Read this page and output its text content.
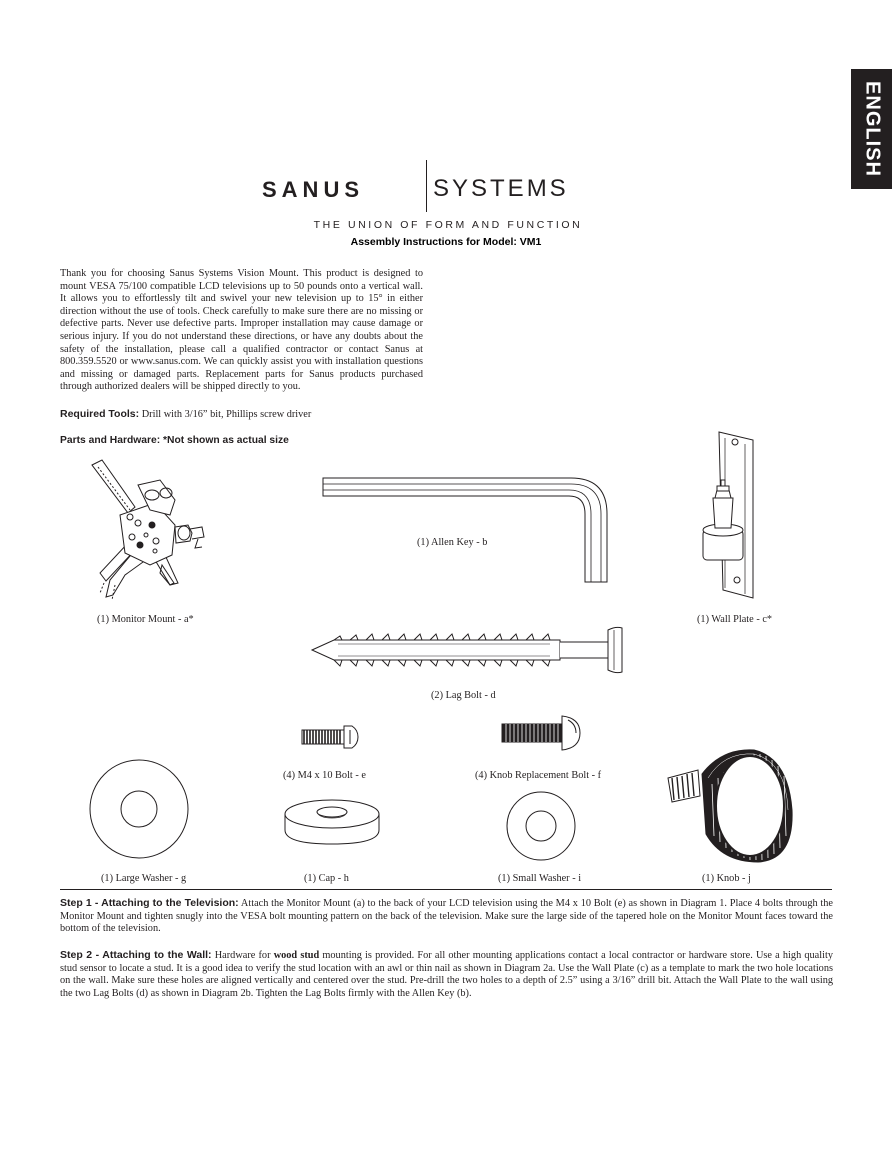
ENGLISH
SANUS	SYSTEMS
THE UNION OF FORM AND FUNCTION
Assembly Instructions for Model: VM1

Thank you for choosing Sanus Systems Vision Mount. This product is designed to mount VESA 75/100 compatible LCD televisions up to 50 pounds onto a vertical wall. It allows you to effortlessly tilt and swivel your new television up to 15° in either direction without the use of tools. Check carefully to make sure there are no missing or defective parts. Never use defective parts. Improper installation may cause damage or serious injury. If you do not understand these directions, or have any doubts about the safety of the installation, please call a qualified contractor or contact Sanus at 800.359.5520 or www.sanus.com. We can quickly assist you with installation questions and missing or damaged parts. Replacement parts for Sanus products purchased through authorized dealers will be shipped directly to you.

Required Tools: Drill with 3/16” bit, Phillips screw driver
Parts and Hardware: *Not shown as actual size
(1) Monitor Mount - a*
(1) Allen Key - b
(1) Wall Plate - c*
(2) Lag Bolt - d
(4) M4 x 10 Bolt - e	(4) Knob Replacement Bolt - f
(1) Large Washer - g	(1) Cap - h	(1) Small Washer - i	(1) Knob - j

Step 1 - Attaching to the Television: Attach the Monitor Mount (a) to the back of your LCD television using the M4 x 10 Bolt (e) as shown in Diagram 1. Place 4 bolts through the Monitor Mount and tighten snugly into the VESA bolt mounting pattern on the back of the television. Make sure the large side of the tapered hole on the Monitor Mount faces toward the bottom of the television.

Step 2 - Attaching to the Wall: Hardware for wood stud mounting is provided. For all other mounting applications contact a local contractor or hardware store. Use a high quality stud sensor to locate a stud. It is a good idea to verify the stud location with an awl or thin nail as shown in Diagram 2a. Use the Wall Plate (c) as a template to mark the two hole locations on the wall. Make sure these holes are aligned vertically and centered over the stud. Pre-drill the two holes to a depth of 2.5” using a 3/16” drill bit. Attach the Wall Plate to the wall using the two Lag Bolts (d) as shown in Diagram 2b. Tighten the Lag Bolts firmly with the Allen Key (b).
